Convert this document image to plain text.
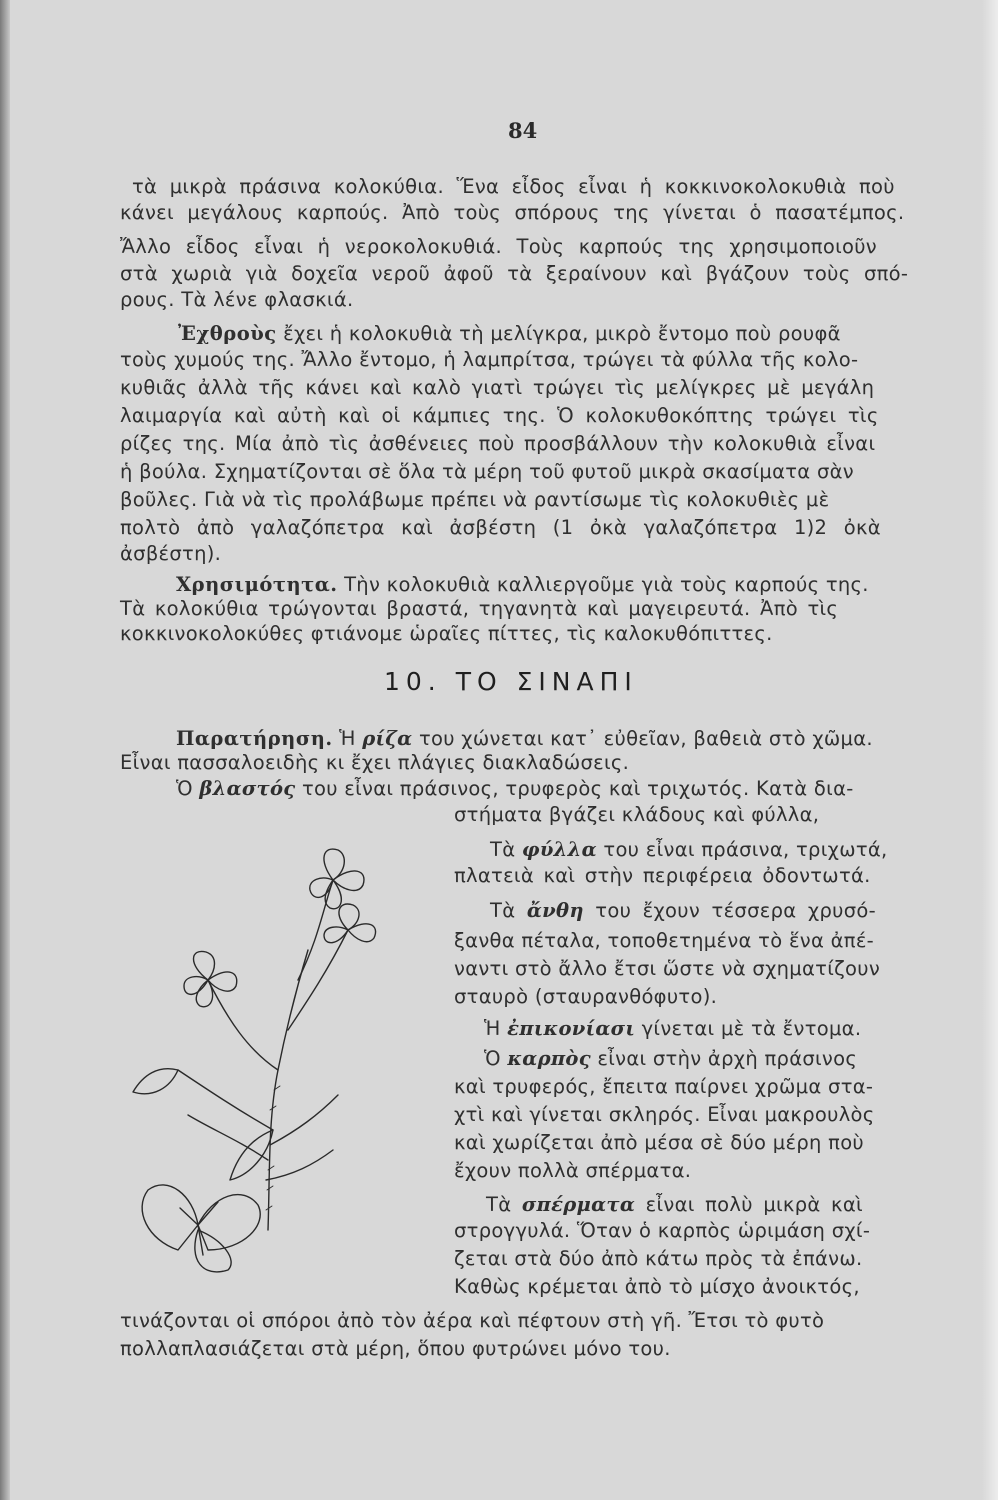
84
τὰ μικρὰ πράσινα κολοκύθια. Ἕνα εἶδος εἶναι ἡ κοκκινοκολοκυθιὰ ποὺ
κάνει μεγάλους καρπούς. Ἀπὸ τοὺς σπόρους της γίνεται ὁ πασατέμπος.
Ἄλλο εἶδος εἶναι ἡ νεροκολοκυθιά. Τοὺς καρπούς της χρησιμοποιοῦν
στὰ χωριὰ γιὰ δοχεῖα νεροῦ ἀφοῦ τὰ ξεραίνουν καὶ βγάζουν τοὺς σπό-
ρους. Τὰ λένε φλασκιά.
Ἐχθροὺς ἔχει ἡ κολοκυθιὰ τὴ μελίγκρα, μικρὸ ἔντομο ποὺ ρουφᾶ
τοὺς χυμούς της. Ἄλλο ἔντομο, ἡ λαμπρίτσα, τρώγει τὰ φύλλα τῆς κολο-
κυθιᾶς ἀλλὰ τῆς κάνει καὶ καλὸ γιατὶ τρώγει τὶς μελίγκρες μὲ μεγάλη
λαιμαργία καὶ αὐτὴ καὶ οἱ κάμπιες της. Ὁ κολοκυθοκόπτης τρώγει τὶς
ρίζες της. Μία ἀπὸ τὶς ἀσθένειες ποὺ προσβάλλουν τὴν κολοκυθιὰ εἶναι
ἡ βούλα. Σχηματίζονται σὲ ὅλα τὰ μέρη τοῦ φυτοῦ μικρὰ σκασίματα σὰν
βοῦλες. Γιὰ νὰ τὶς προλάβωμε πρέπει νὰ ραντίσωμε τὶς κολοκυθιὲς μὲ
πολτὸ ἀπὸ γαλαζόπετρα καὶ ἀσβέστη (1 ὀκὰ γαλαζόπετρα 1)2 ὀκὰ
ἀσβέστη).
Χρησιμότητα. Τὴν κολοκυθιὰ καλλιεργοῦμε γιὰ τοὺς καρπούς της.
Τὰ κολοκύθια τρώγονται βραστά, τηγανητὰ καὶ μαγειρευτά. Ἀπὸ τὶς
κοκκινοκολοκύθες φτιάνομε ὡραῖες πίττες, τὶς καλοκυθόπιττες.
10. ΤΟ ΣΙΝΑΠΙ
Παρατήρηση. Ἡ ρίζα του χώνεται κατ᾽ εὐθεῖαν, βαθειὰ στὸ χῶμα.
Εἶναι πασσαλοειδὴς κι ἔχει πλάγιες διακλαδώσεις.
Ὁ βλαστός του εἶναι πράσινος, τρυφερὸς καὶ τριχωτός. Κατὰ δια-
στήματα βγάζει κλάδους καὶ φύλλα,
Τὰ φύλλα του εἶναι πράσινα, τριχωτά,
πλατειὰ καὶ στὴν περιφέρεια ὀδοντωτά.
Τὰ ἄνθη του ἔχουν τέσσερα χρυσό-
ξανθα πέταλα, τοποθετημένα τὸ ἕνα ἀπέ-
ναντι στὸ ἄλλο ἔτσι ὥστε νὰ σχηματίζουν
σταυρὸ (σταυρανθόφυτο).
Ἡ ἐπικονίασι γίνεται μὲ τὰ ἔντομα.
Ὁ καρπὸς εἶναι στὴν ἀρχὴ πράσινος
καὶ τρυφερός, ἔπειτα παίρνει χρῶμα στα-
χτὶ καὶ γίνεται σκληρός. Εἶναι μακρουλὸς
καὶ χωρίζεται ἀπὸ μέσα σὲ δύο μέρη ποὺ
ἔχουν πολλὰ σπέρματα.
Τὰ σπέρματα εἶναι πολὺ μικρὰ καὶ
στρογγυλά. Ὅταν ὁ καρπὸς ὡριμάση σχί-
ζεται στὰ δύο ἀπὸ κάτω πρὸς τὰ ἐπάνω.
Καθὼς κρέμεται ἀπὸ τὸ μίσχο ἀνοικτός,
τινάζονται οἱ σπόροι ἀπὸ τὸν ἀέρα καὶ πέφτουν στὴ γῆ. Ἔτσι τὸ φυτὸ
πολλαπλασιάζεται στὰ μέρη, ὅπου φυτρώνει μόνο του.
